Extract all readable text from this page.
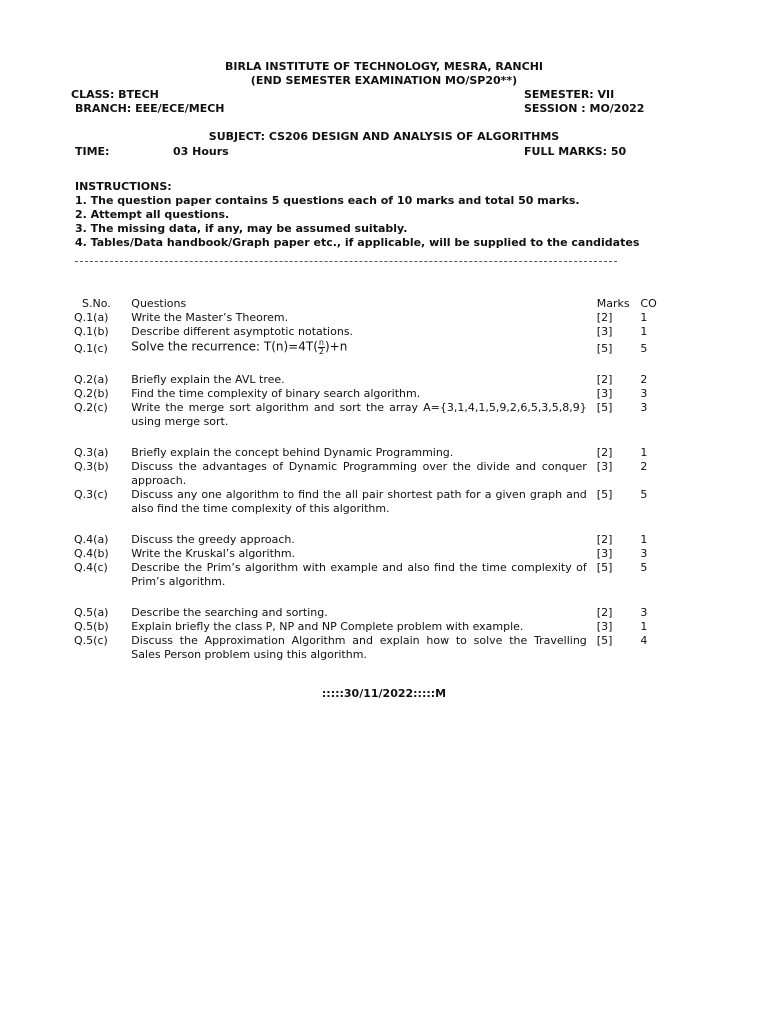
BIRLA INSTITUTE OF TECHNOLOGY, MESRA, RANCHI
(END SEMESTER EXAMINATION MO/SP20**)
CLASS: BTECH	SEMESTER: VII
BRANCH: EEE/ECE/MECH	SESSION : MO/2022
SUBJECT: CS206 DESIGN AND ANALYSIS OF ALGORITHMS
TIME:	03 Hours	FULL MARKS: 50
INSTRUCTIONS:
1. The question paper contains 5 questions each of 10 marks and total 50 marks.
2. Attempt all questions.
3. The missing data, if any, may be assumed suitably.
4. Tables/Data handbook/Graph paper etc., if applicable, will be supplied to the candidates
S.No.	Questions	Marks	CO
Q.1(a)	Write the Master’s Theorem.	[2]	1
Q.1(b)	Describe different asymptotic notations.	[3]	1
Q.1(c)	Solve the recurrence: $T(n)=4T( \frac{n}{2} )+n$	[5]	5

Q.2(a)	Briefly explain the AVL tree.	[2]	2
Q.2(b)	Find the time complexity of binary search algorithm.	[3]	3
Q.2(c)	Write the merge sort algorithm and sort the array A={3,1,4,1,5,9,2,6,5,3,5,8,9} using merge sort.	[5]	3

Q.3(a)	Briefly explain the concept behind Dynamic Programming.	[2]	1
Q.3(b)	Discuss the advantages of Dynamic Programming over the divide and conquer approach.	[3]	2
Q.3(c)	Discuss any one algorithm to find the all pair shortest path for a given graph and also find the time complexity of this algorithm.	[5]	5

Q.4(a)	Discuss the greedy approach.	[2]	1
Q.4(b)	Write the Kruskal’s algorithm.	[3]	3
Q.4(c)	Describe the Prim’s algorithm with example and also find the time complexity of Prim’s algorithm.	[5]	5

Q.5(a)	Describe the searching and sorting.	[2]	3
Q.5(b)	Explain briefly the class P, NP and NP Complete problem with example.	[3]	1
Q.5(c)	Discuss the Approximation Algorithm and explain how to solve the Travelling Sales Person problem using this algorithm.	[5]	4
:::::30/11/2022:::::M
